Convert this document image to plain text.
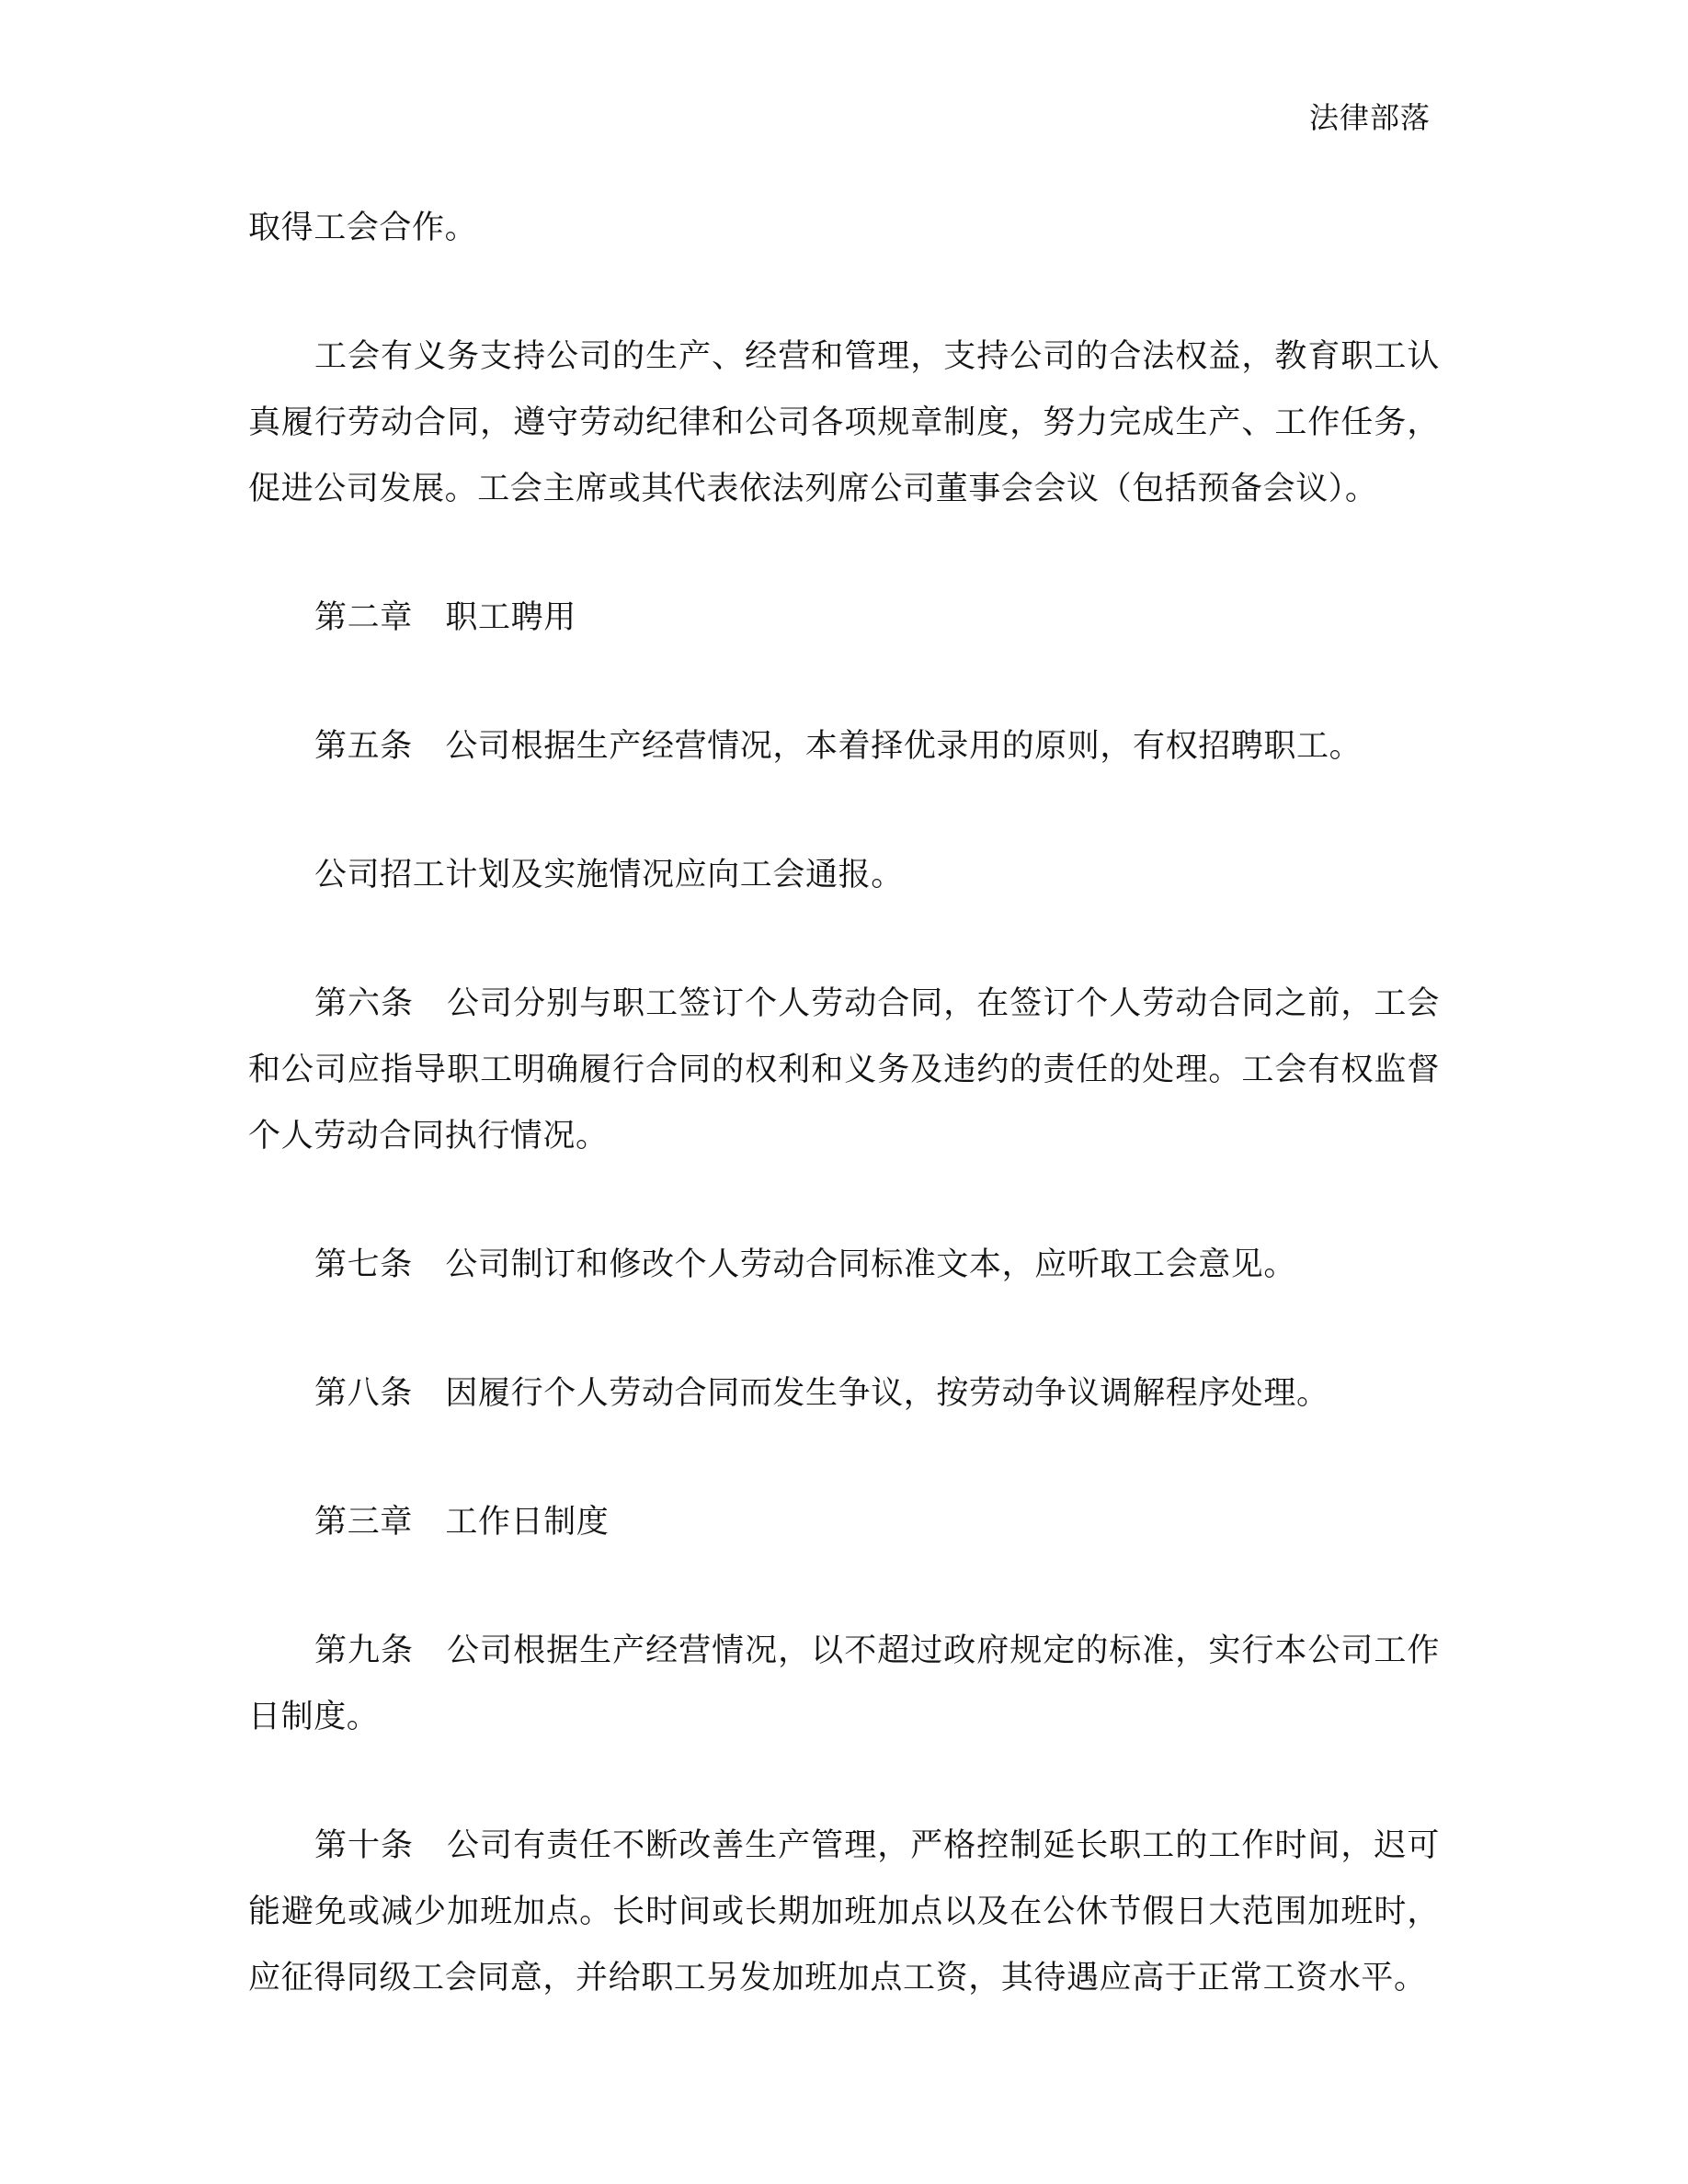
法律部落

取得工会合作。

工会有义务支持公司的生产、经营和管理，支持公司的合法权益，教育职工认真履行劳动合同，遵守劳动纪律和公司各项规章制度，努力完成生产、工作任务，促进公司发展。工会主席或其代表依法列席公司董事会会议（包括预备会议）。

第二章　职工聘用

第五条　公司根据生产经营情况，本着择优录用的原则，有权招聘职工。

公司招工计划及实施情况应向工会通报。

第六条　公司分别与职工签订个人劳动合同，在签订个人劳动合同之前，工会和公司应指导职工明确履行合同的权利和义务及违约的责任的处理。工会有权监督个人劳动合同执行情况。

第七条　公司制订和修改个人劳动合同标准文本，应听取工会意见。

第八条　因履行个人劳动合同而发生争议，按劳动争议调解程序处理。

第三章　工作日制度

第九条　公司根据生产经营情况，以不超过政府规定的标准，实行本公司工作日制度。

第十条　公司有责任不断改善生产管理，严格控制延长职工的工作时间，迟可能避免或减少加班加点。长时间或长期加班加点以及在公休节假日大范围加班时，应征得同级工会同意，并给职工另发加班加点工资，其待遇应高于正常工资水平。
